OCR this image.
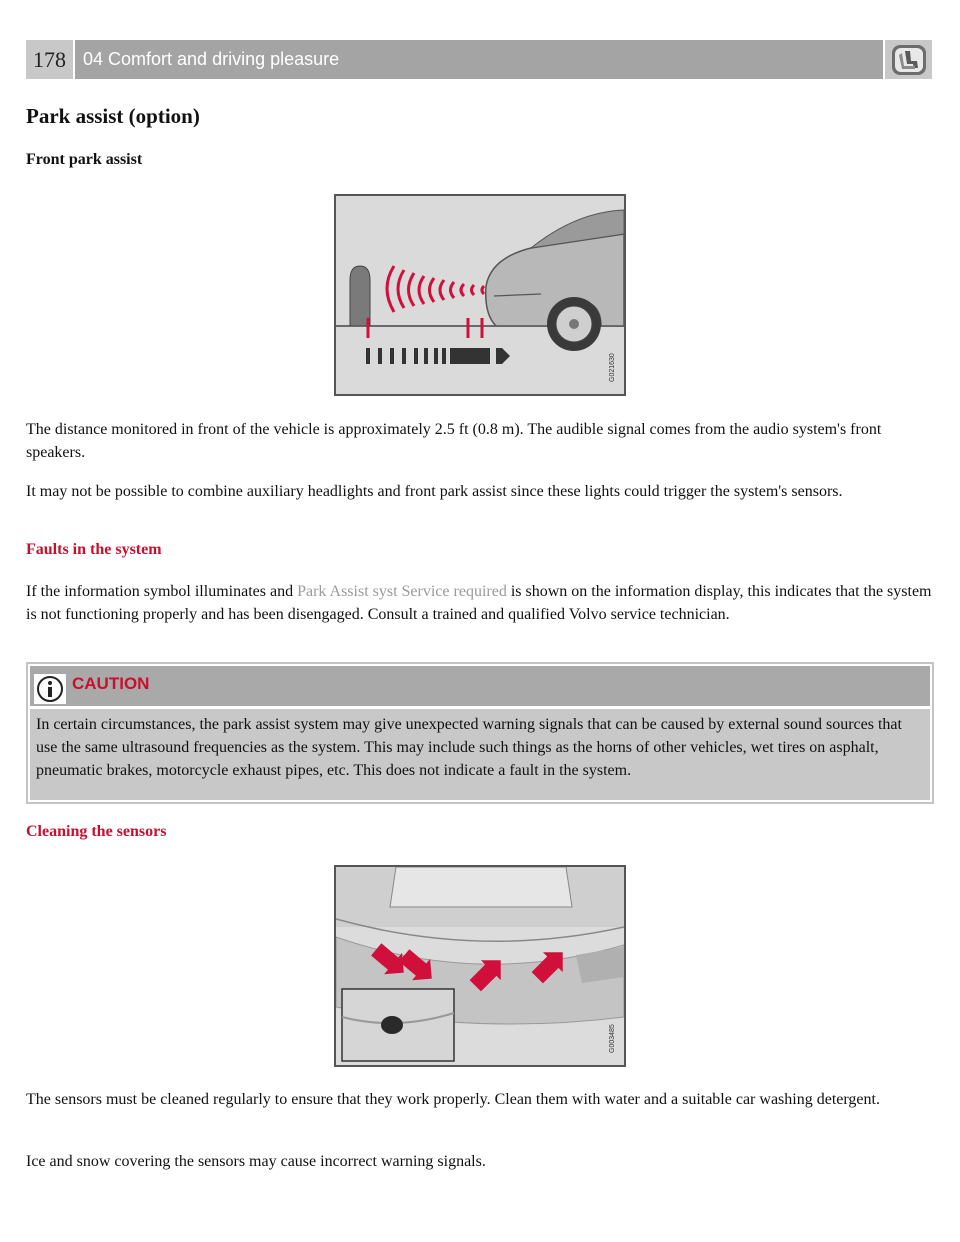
178 04 Comfort and driving pleasure
Park assist (option)
Front park assist
G021630

The distance monitored in front of the vehicle is approximately 2.5 ft (0.8 m). The audible signal comes from the audio system's front speakers.

It may not be possible to combine auxiliary headlights and front park assist since these lights could trigger the system's sensors.

Faults in the system

If the information symbol illuminates and Park Assist syst Service required is shown on the information display, this indicates that the system is not functioning properly and has been disengaged. Consult a trained and qualified Volvo service technician.

CAUTION
In certain circumstances, the park assist system may give unexpected warning signals that can be caused by external sound sources that use the same ultrasound frequencies as the system. This may include such things as the horns of other vehicles, wet tires on asphalt, pneumatic brakes, motorcycle exhaust pipes, etc. This does not indicate a fault in the system.
Cleaning the sensors
G003485

The sensors must be cleaned regularly to ensure that they work properly. Clean them with water and a suitable car washing detergent.

Ice and snow covering the sensors may cause incorrect warning signals.
